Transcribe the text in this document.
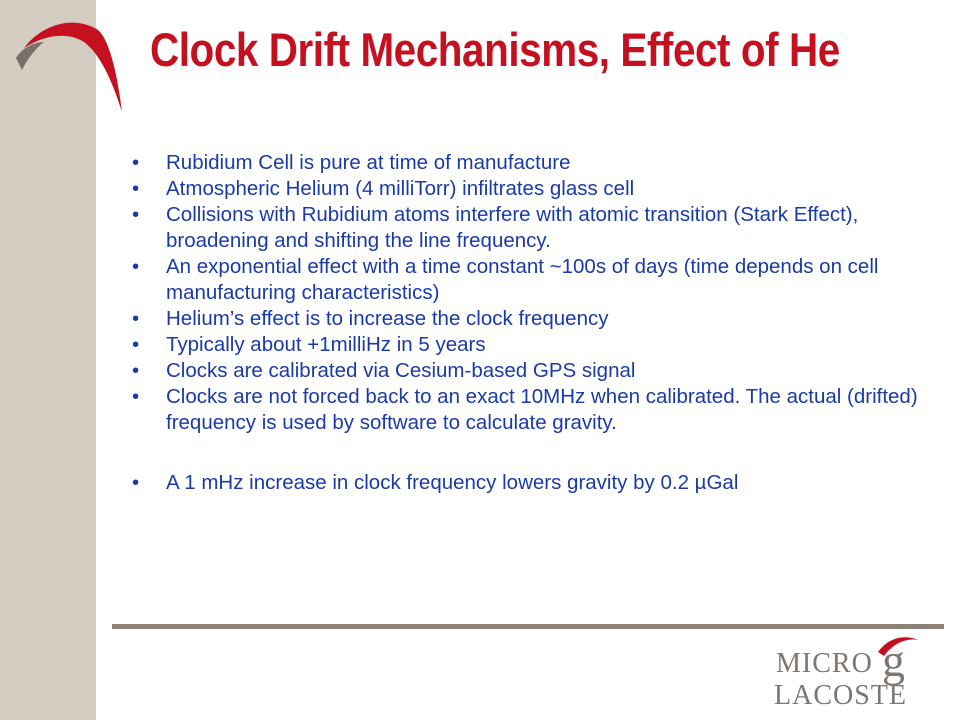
Clock Drift Mechanisms, Effect of He
• Rubidium Cell is pure at time of manufacture
• Atmospheric Helium (4 milliTorr) infiltrates glass cell
• Collisions with Rubidium atoms interfere with atomic transition (Stark Effect), broadening and shifting the line frequency.
• An exponential effect with a time constant ~100s of days (time depends on cell manufacturing characteristics)
• Helium’s effect is to increase the clock frequency
• Typically about +1milliHz in 5 years
• Clocks are calibrated via Cesium-based GPS signal
• Clocks are not forced back to an exact 10MHz when calibrated. The actual (drifted) frequency is used by software to calculate gravity.
• A 1 mHz increase in clock frequency lowers gravity by 0.2 µGal
MICRO g
LACOSTE
